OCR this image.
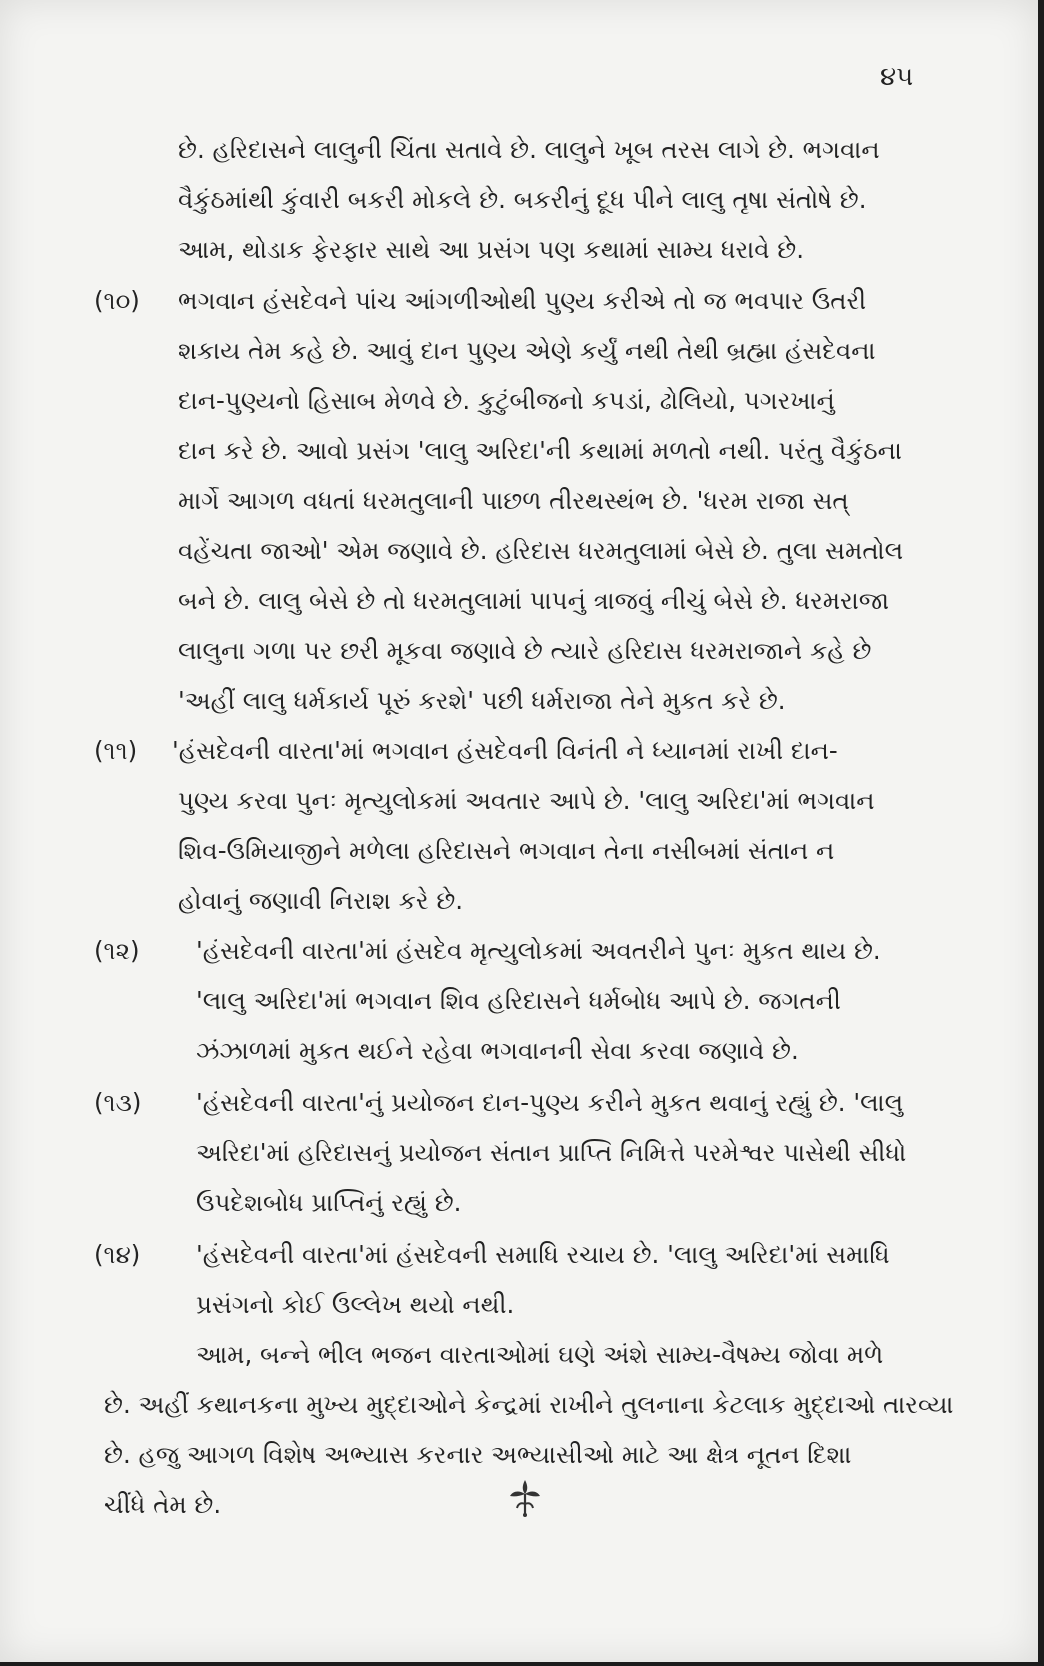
૪૫
છે. હરિદાસને લાલુની ચિંતા સતાવે છે. લાલુને ખૂબ તરસ લાગે છે. ભગવાન
વૈકુંઠમાંથી કુંવારી બકરી મોકલે છે. બકરીનું દૂધ પીને લાલુ તૃષા સંતોષે છે.
આમ, થોડાક ફેરફાર સાથે આ પ્રસંગ પણ કથામાં સામ્ય ધરાવે છે.
(૧૦) ભગવાન હંસદેવને પાંચ આંગળીઓથી પુણ્ય કરીએ તો જ ભવપાર ઉતરી
શકાય તેમ કહે છે. આવું દાન પુણ્ય એણે કર્યું નથી તેથી બ્રહ્મા હંસદેવના
દાન-પુણ્યનો હિસાબ મેળવે છે. કુટુંબીજનો કપડાં, ઢોલિયો, પગરખાનું
દાન કરે છે. આવો પ્રસંગ 'લાલુ અરિદા'ની કથામાં મળતો નથી. પરંતુ વૈકુંઠના
માર્ગે આગળ વધતાં ધરમતુલાની પાછળ તીરથસ્થંભ છે. 'ધરમ રાજા સત્
વહેંચતા જાઓ' એમ જણાવે છે. હરિદાસ ધરમતુલામાં બેસે છે. તુલા સમતોલ
બને છે. લાલુ બેસે છે તો ધરમતુલામાં પાપનું ત્રાજવું નીચું બેસે છે. ધરમરાજા
લાલુના ગળા પર છરી મૂકવા જણાવે છે ત્યારે હરિદાસ ધરમરાજાને કહે છે
'અહીં લાલુ ધર્મકાર્ય પૂરું કરશે' પછી ધર્મરાજા તેને મુકત કરે છે.
(૧૧) 'હંસદેવની વારતા'માં ભગવાન હંસદેવની વિનંતી ને ધ્યાનમાં રાખી દાન-
પુણ્ય કરવા પુનઃ મૃત્યુલોકમાં અવતાર આપે છે. 'લાલુ અરિદા'માં ભગવાન
શિવ-ઉમિયાજીને મળેલા હરિદાસને ભગવાન તેના નસીબમાં સંતાન ન
હોવાનું જણાવી નિરાશ કરે છે.
(૧૨) 'હંસદેવની વારતા'માં હંસદેવ મૃત્યુલોકમાં અવતરીને પુનઃ મુકત થાય છે.
'લાલુ અરિદા'માં ભગવાન શિવ હરિદાસને ધર્મબોધ આપે છે. જગતની
ઝંઝાળમાં મુકત થઈને રહેવા ભગવાનની સેવા કરવા જણાવે છે.
(૧૩) 'હંસદેવની વારતા'નું પ્રયોજન દાન-પુણ્ય કરીને મુકત થવાનું રહ્યું છે. 'લાલુ
અરિદા'માં હરિદાસનું પ્રયોજન સંતાન પ્રાપ્તિ નિમિત્તે પરમેશ્વર પાસેથી સીધો
ઉપદેશબોધ પ્રાપ્તિનું રહ્યું છે.
(૧૪) 'હંસદેવની વારતા'માં હંસદેવની સમાધિ રચાય છે. 'લાલુ અરિદા'માં સમાધિ
પ્રસંગનો કોઈ ઉલ્લેખ થયો નથી.
આમ, બન્ને ભીલ ભજન વારતાઓમાં ઘણે અંશે સામ્ય-વૈષમ્ય જોવા મળે
છે. અહીં કથાનકના મુખ્ય મુદ્દાઓને કેન્દ્રમાં રાખીને તુલનાના કેટલાક મુદ્દાઓ તારવ્યા
છે. હજુ આગળ વિશેષ અભ્યાસ કરનાર અભ્યાસીઓ માટે આ ક્ષેત્ર નૂતન દિશા
ચીંધે તેમ છે.
